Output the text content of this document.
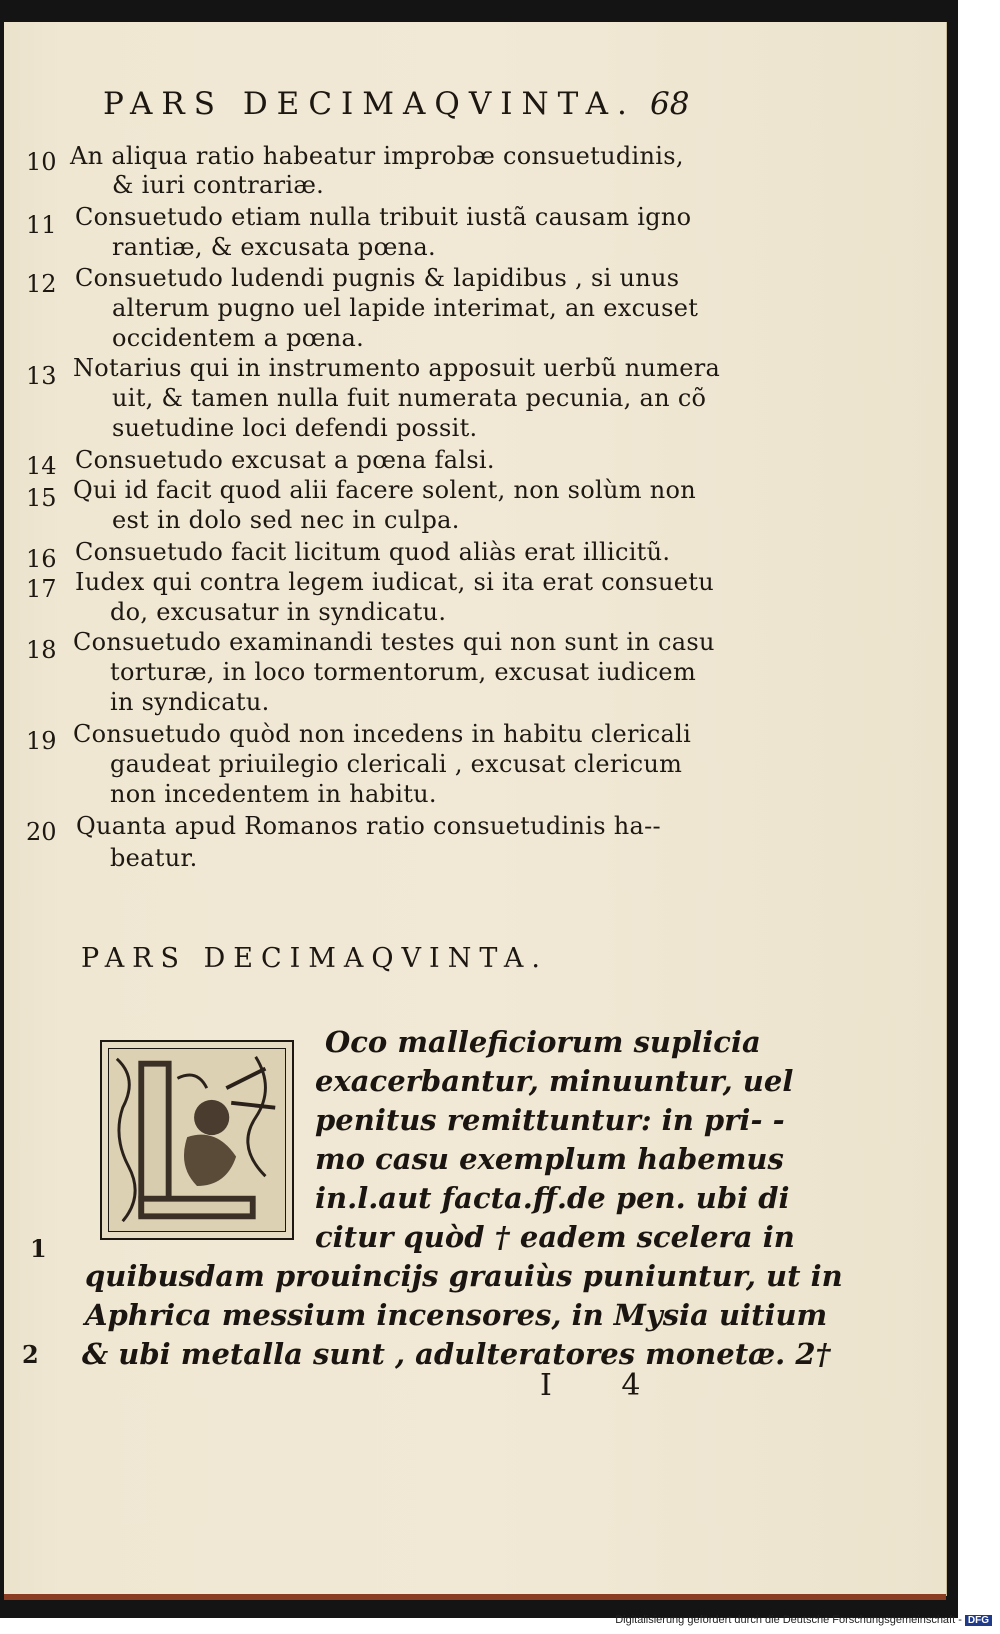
PARS DECIMAQVINTA. 68
10 An aliqua ratio habeatur improbæ consuetudinis,
& iuri contrariæ.
11 Consuetudo etiam nulla tribuit iustã causam igno
rantiæ, & excusata pœna.
12 Consuetudo ludendi pugnis & lapidibus , si unus
alterum pugno uel lapide interimat, an excuset
occidentem a pœna.
13 Notarius qui in instrumento apposuit uerbũ numera
uit, & tamen nulla fuit numerata pecunia, an cõ
suetudine loci defendi possit.
14 Consuetudo excusat a pœna falsi.
15 Qui id facit quod alii facere solent, non solùm non
est in dolo sed nec in culpa.
16 Consuetudo facit licitum quod aliàs erat illicitũ.
17 Iudex qui contra legem iudicat, si ita erat consuetu
do, excusatur in syndicatu.
18 Consuetudo examinandi testes qui non sunt in casu
torturæ, in loco tormentorum, excusat iudicem
in syndicatu.
19 Consuetudo quòd non incedens in habitu clericali
gaudeat priuilegio clericali , excusat clericum
non incedentem in habitu.
20 Quanta apud Romanos ratio consuetudinis ha--
beatur.
PARS DECIMAQVINTA.
Oco malleficiorum suplicia
exacerbantur, minuuntur, uel
penitus remittuntur: in pri- -
mo casu exemplum habemus
in.l.aut facta.ff.de pen. ubi di
citur quòd † eadem scelera in
quibusdam prouincijs grauiùs puniuntur, ut in
Aphrica messium incensores, in Mysia uitium
& ubi metalla sunt , adulteratores monetæ. 2†
1
2
I 4
Digitalisierung gefördert durch die Deutsche Forschungsgemeinschaft - DFG
